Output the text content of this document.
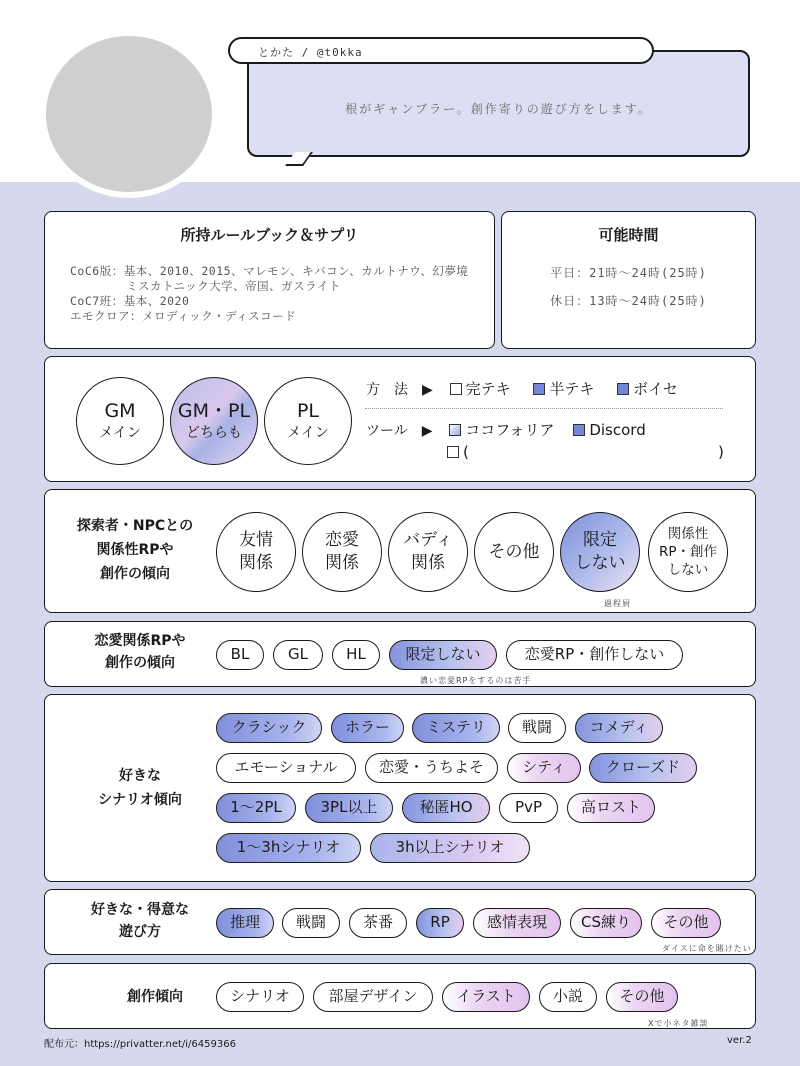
とかた / @t0kka
根がギャンブラー。創作寄りの遊び方をします。
所持ルールブック＆サプリ
CoC6版：基本、2010、2015、マレモン、キバコン、カルトナウ、幻夢境
ミスカトニック大学、帝国、ガスライト
CoC7班：基本、2020
エモクロア：メロディック・ディスコード
可能時間
平日：21時～24時(25時)
休日：13時～24時(25時)
GM
メイン
GM・PL
どちらも
PL
メイン
方　法　▶ 完テキ	半テキ	ボイセ
ツール　▶ ココフォリア Discord
(	)
探索者・NPCとの
関係性RPや
創作の傾向
友情
関係
恋愛
関係
バディ
関係
その他
限定
しない
関係性
RP・創作
しない
過程厨
恋愛関係RPや
創作の傾向	BL	GL	HL	限定しない	恋愛RP・創作しない
濃い恋愛RPをするのは苦手
好きな
シナリオ傾向
クラシック	ホラー	ミステリ	戦闘	コメディ
エモーショナル	恋愛・うちよそ	シティ	クローズド
1～2PL	3PL以上	秘匿HO	PvP	高ロスト
1～3hシナリオ	3h以上シナリオ
好きな・得意な
遊び方
推理	戦闘	茶番	RP	感情表現	CS練り	その他
ダイスに命を賭けたい
創作傾向	シナリオ	部屋デザイン	イラスト	小説	その他
Xで小ネタ雑談
配布元：https://privatter.net/i/6459366	ver.2
